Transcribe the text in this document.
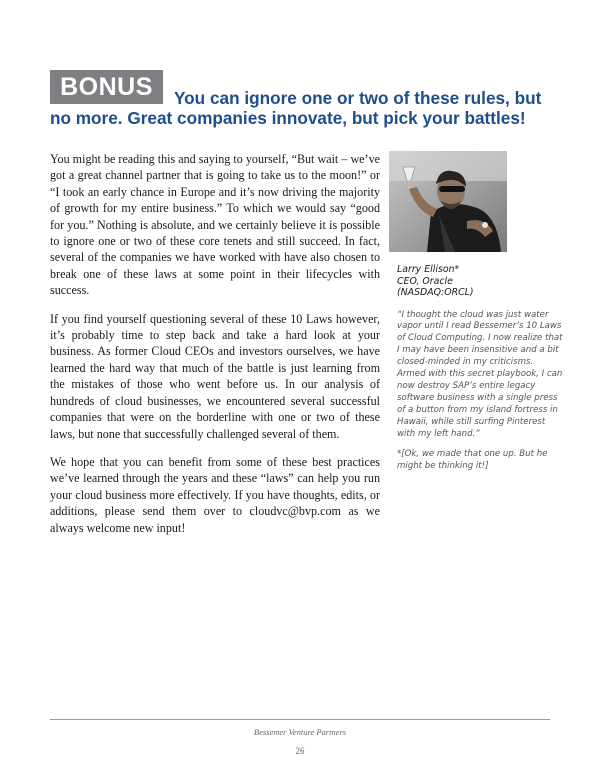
BONUS	You can ignore one or two of these rules, but no more. Great companies innovate, but pick your battles!

You might be reading this and saying to yourself, “But wait – we’ve got a great channel partner that is going to take us to the moon!” or “I took an early chance in Europe and it’s now driving the majority of growth for my entire business.” To which we would say “good for you.” Nothing is absolute, and we certainly believe it is possible to ignore one or two of these core tenets and still succeed. In fact, several of the companies we have worked with have also chosen to break one of these laws at some point in their lifecycles with success.

If you find yourself questioning several of these 10 Laws however, it’s probably time to step back and take a hard look at your business. As former Cloud CEOs and investors ourselves, we have learned the hard way that much of the battle is just learning from the mistakes of those who went before us. In our analysis of hundreds of cloud businesses, we encountered several successful companies that were on the borderline with one or two of these laws, but none that successfully challenged several of them.

We hope that you can benefit from some of these best practices we’ve learned through the years and these “laws” can help you run your cloud business more effectively. If you have thoughts, edits, or additions, please send them over to cloudvc@bvp.com as we always welcome new input!

Larry Ellison*
CEO, Oracle
(NASDAQ:ORCL)

“I thought the cloud was just water vapor until I read Bessemer’s 10 Laws of Cloud Computing. I now realize that I may have been insensitive and a bit closed-minded in my criticisms. Armed with this secret playbook, I can now destroy SAP’s entire legacy software business with a single press of a button from my island fortress in Hawaii, while still surfing Pinterest with my left hand.”

*[Ok, we made that one up. But he might be thinking it!]

Bessemer Venture Partners
26
